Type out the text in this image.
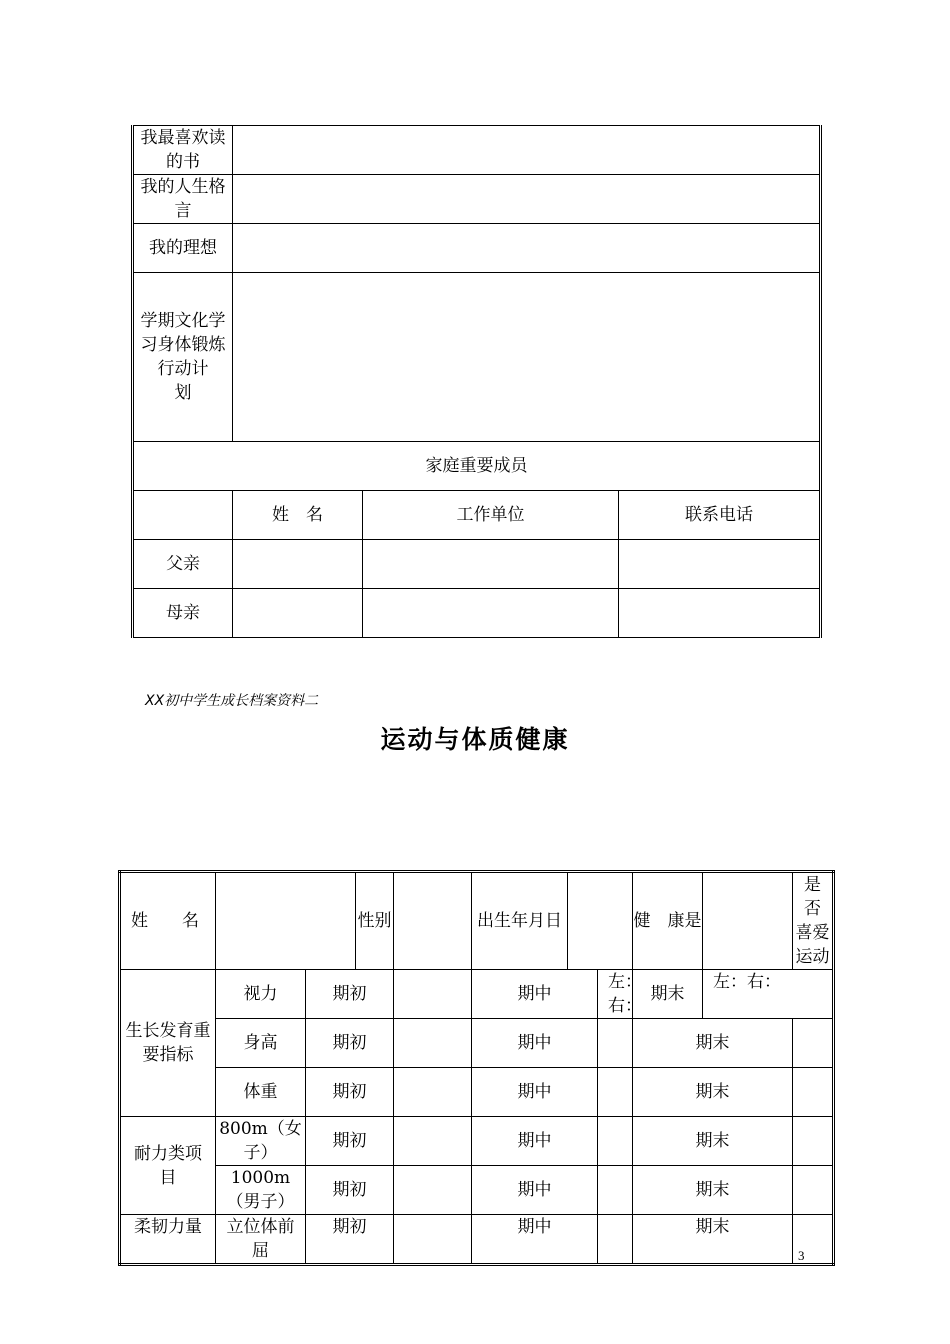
我最喜欢读的书			
我的人生格言			
我的理想			
学期文化学习身体锻炼行动计　　划			
家庭重要成员			
	姓　名	工作单位	联系电话
父亲			
母亲			
XX初中学生成长档案资料二
运动与体质健康
姓　　名			性别		出生年月日			健　康是		是 否 喜爱 运动
生长发育重要指标	视力	期初			期中		左：右：	期末	左：右：	
	身高	期初			期中			期末		
	体重	期初			期中			期末		
耐力类项　目	800m（女子）	期初			期中			期末		
	1000m（男子）	期初			期中			期末		
柔韧力量	立位体前　屈	期初			期中			期末		
3
